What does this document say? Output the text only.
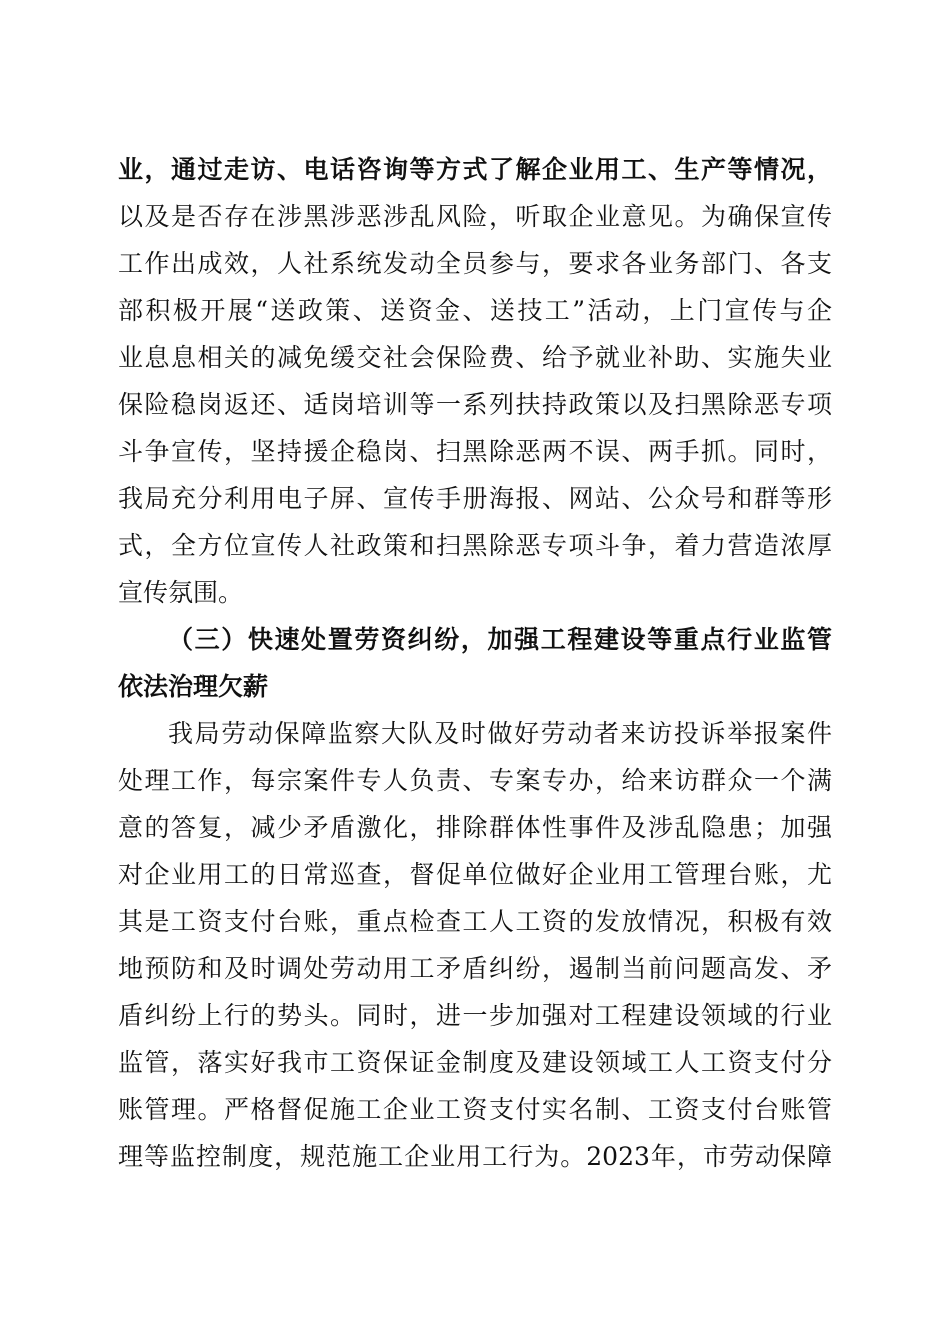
业，通过走访、电话咨询等方式了解企业用工、生产等情况，
以及是否存在涉黑涉恶涉乱风险，听取企业意见。为确保宣传
工作出成效，人社系统发动全员参与，要求各业务部门、各支
部积极开展“送政策、送资金、送技工”活动，上门宣传与企
业息息相关的减免缓交社会保险费、给予就业补助、实施失业
保险稳岗返还、适岗培训等一系列扶持政策以及扫黑除恶专项
斗争宣传，坚持援企稳岗、扫黑除恶两不误、两手抓。同时，
我局充分利用电子屏、宣传手册海报、网站、公众号和群等形
式，全方位宣传人社政策和扫黑除恶专项斗争，着力营造浓厚
宣传氛围。
（三）快速处置劳资纠纷，加强工程建设等重点行业监管
依法治理欠薪
我局劳动保障监察大队及时做好劳动者来访投诉举报案件
处理工作，每宗案件专人负责、专案专办，给来访群众一个满
意的答复，减少矛盾激化，排除群体性事件及涉乱隐患；加强
对企业用工的日常巡查，督促单位做好企业用工管理台账，尤
其是工资支付台账，重点检查工人工资的发放情况，积极有效
地预防和及时调处劳动用工矛盾纠纷，遏制当前问题高发、矛
盾纠纷上行的势头。同时，进一步加强对工程建设领域的行业
监管，落实好我市工资保证金制度及建设领域工人工资支付分
账管理。严格督促施工企业工资支付实名制、工资支付台账管
理等监控制度，规范施工企业用工行为。2023年，市劳动保障
